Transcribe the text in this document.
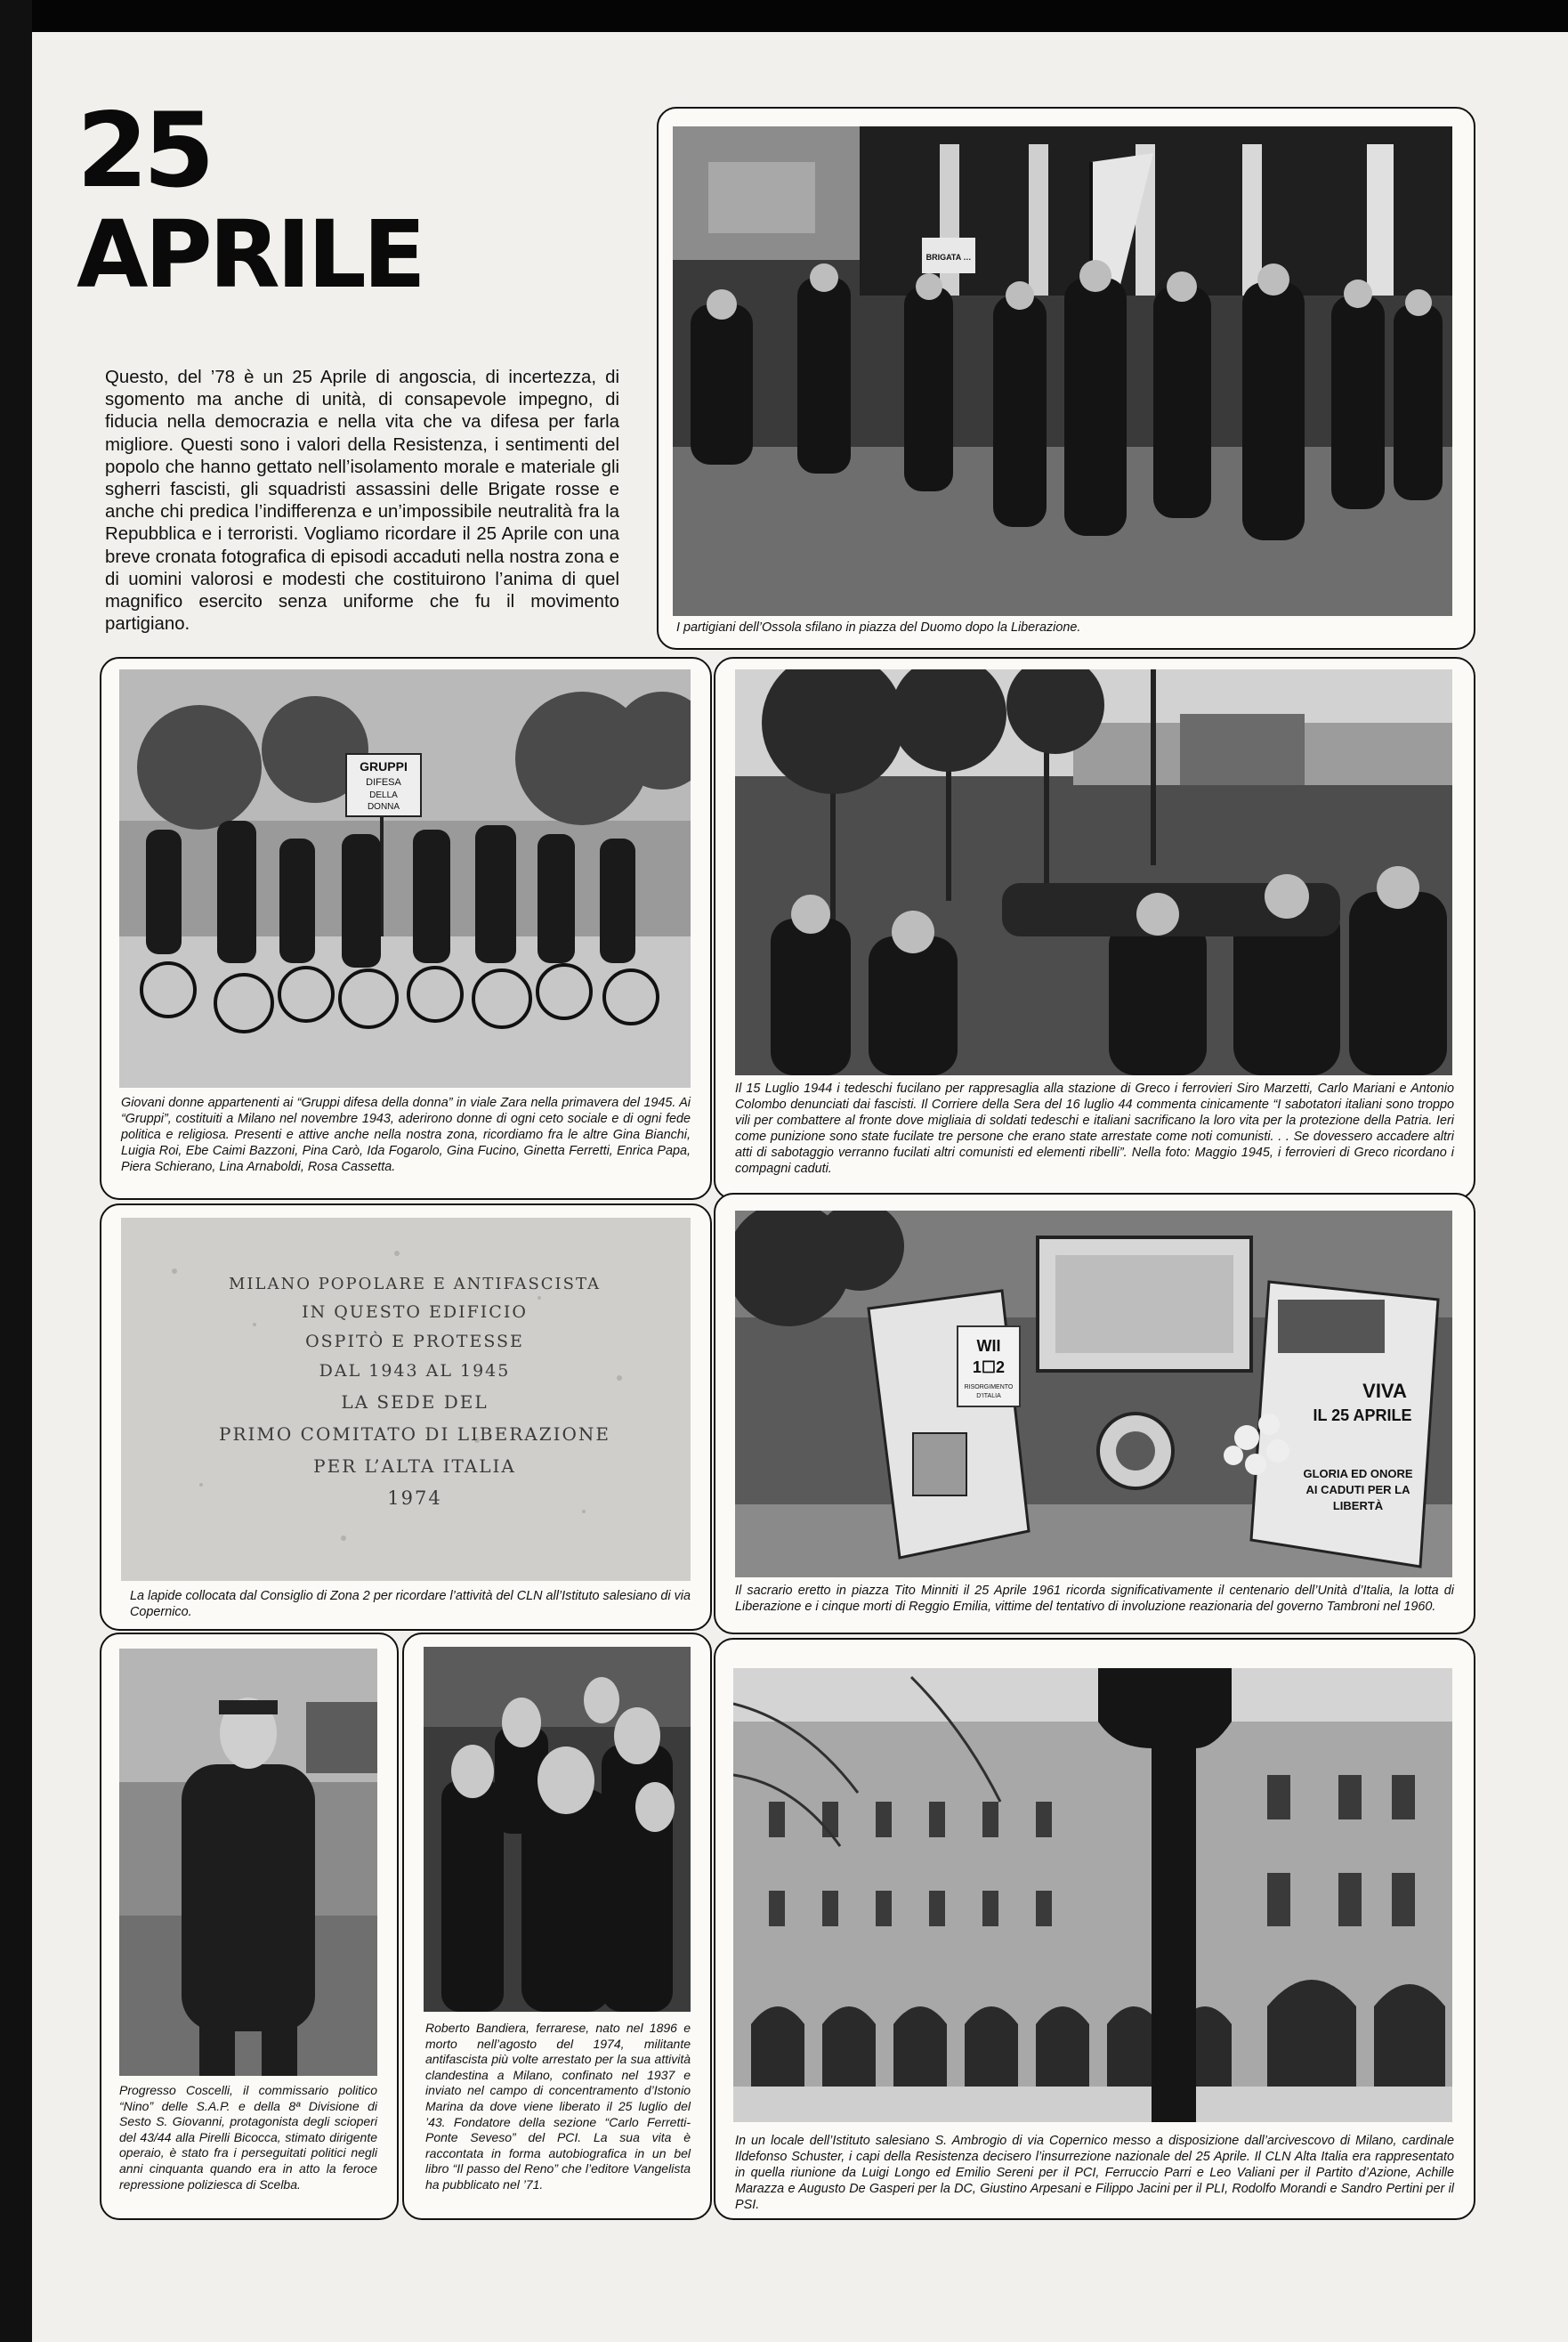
25
APRILE

Questo, del ’78 è un 25 Aprile di angoscia, di incertezza, di sgomento ma anche di unità, di consapevole impegno, di fiducia nella democrazia e nella vita che va difesa per farla migliore. Questi sono i valori della Resistenza, i sentimenti del popolo che hanno gettato nell’isolamento morale e materiale gli sgherri fascisti, gli squadristi assassini delle Brigate rosse e anche chi predica l’indifferenza e un’impossibile neutralità fra la Repubblica e i terroristi. Vogliamo ricordare il 25 Aprile con una breve cronata fotografica di episodi accaduti nella nostra zona e di uomini valorosi e modesti che costituirono l’anima di quel magnifico esercito senza uniforme che fu il movimento partigiano.

BRIGATA …

I partigiani dell’Ossola sfilano in piazza del Duomo dopo la Liberazione.

GRUPPI
DIFESA
DELLA
DONNA

Giovani donne appartenenti ai “Gruppi difesa della donna” in viale Zara nella primavera del 1945. Ai “Gruppi”, costituiti a Milano nel novembre 1943, aderirono donne di ogni ceto sociale e di ogni fede politica e religiosa. Presenti e attive anche nella nostra zona, ricordiamo fra le altre Gina Bianchi, Luigia Roi, Ebe Caimi Bazzoni, Pina Carò, Ida Fogarolo, Gina Fucino, Ginetta Ferretti, Enrica Papa, Piera Schierano, Lina Arnaboldi, Rosa Cassetta.

Il 15 Luglio 1944 i tedeschi fucilano per rappresaglia alla stazione di Greco i ferrovieri Siro Marzetti, Carlo Mariani e Antonio Colombo denunciati dai fascisti. Il Corriere della Sera del 16 luglio 44 commenta cinicamente “I sabotatori italiani sono troppo vili per combattere al fronte dove migliaia di soldati tedeschi e italiani sacrificano la loro vita per la protezione della Patria. Ieri come punizione sono state fucilate tre persone che erano state arrestate come noti comunisti. . . Se dovessero accadere altri atti di sabotaggio verranno fucilati altri comunisti ed elementi ribelli”. Nella foto: Maggio 1945, i ferrovieri di Greco ricordano i compagni caduti.

MILANO POPOLARE E ANTIFASCISTA
IN QUESTO EDIFICIO
OSPITÒ E PROTESSE
DAL 1943 AL 1945
LA SEDE DEL
PRIMO COMITATO DI LIBERAZIONE
PER L’ALTA ITALIA
1974

La lapide collocata dal Consiglio di Zona 2 per ricordare l’attività del CLN all’Istituto salesiano di via Copernico.

WII
1☐2
RISORGIMENTO
D’ITALIA	VIVA
IL 25 APRILE
GLORIA ED ONORE
AI CADUTI PER LA
LIBERTÀ

Il sacrario eretto in piazza Tito Minniti il 25 Aprile 1961 ricorda significativamente il centenario dell’Unità d’Italia, la lotta di Liberazione e i cinque morti di Reggio Emilia, vittime del tentativo di involuzione reazionaria del governo Tambroni nel 1960.

Progresso Coscelli, il commissario politico “Nino” delle S.A.P. e della 8ª Divisione di Sesto S. Giovanni, protagonista degli scioperi del 43/44 alla Pirelli Bicocca, stimato dirigente operaio, è stato fra i perseguitati politici negli anni cinquanta quando era in atto la feroce repressione poliziesca di Scelba.

Roberto Bandiera, ferrarese, nato nel 1896 e morto nell’agosto del 1974, militante antifascista più volte arrestato per la sua attività clandestina a Milano, confinato nel 1937 e inviato nel campo di concentramento d’Istonio Marina da dove viene liberato il 25 luglio del ’43. Fondatore della sezione “Carlo Ferretti-Ponte Seveso” del PCI. La sua vita è raccontata in forma autobiografica in un bel libro “Il passo del Reno” che l’editore Vangelista ha pubblicato nel ’71.

In un locale dell’Istituto salesiano S. Ambrogio di via Copernico messo a disposizione dall’arcivescovo di Milano, cardinale Ildefonso Schuster, i capi della Resistenza decisero l’insurrezione nazionale del 25 Aprile. Il CLN Alta Italia era rappresentato in quella riunione da Luigi Longo ed Emilio Sereni per il PCI, Ferruccio Parri e Leo Valiani per il Partito d’Azione, Achille Marazza e Augusto De Gasperi per la DC, Giustino Arpesani e Filippo Jacini per il PLI, Rodolfo Morandi e Sandro Pertini per il PSI.
